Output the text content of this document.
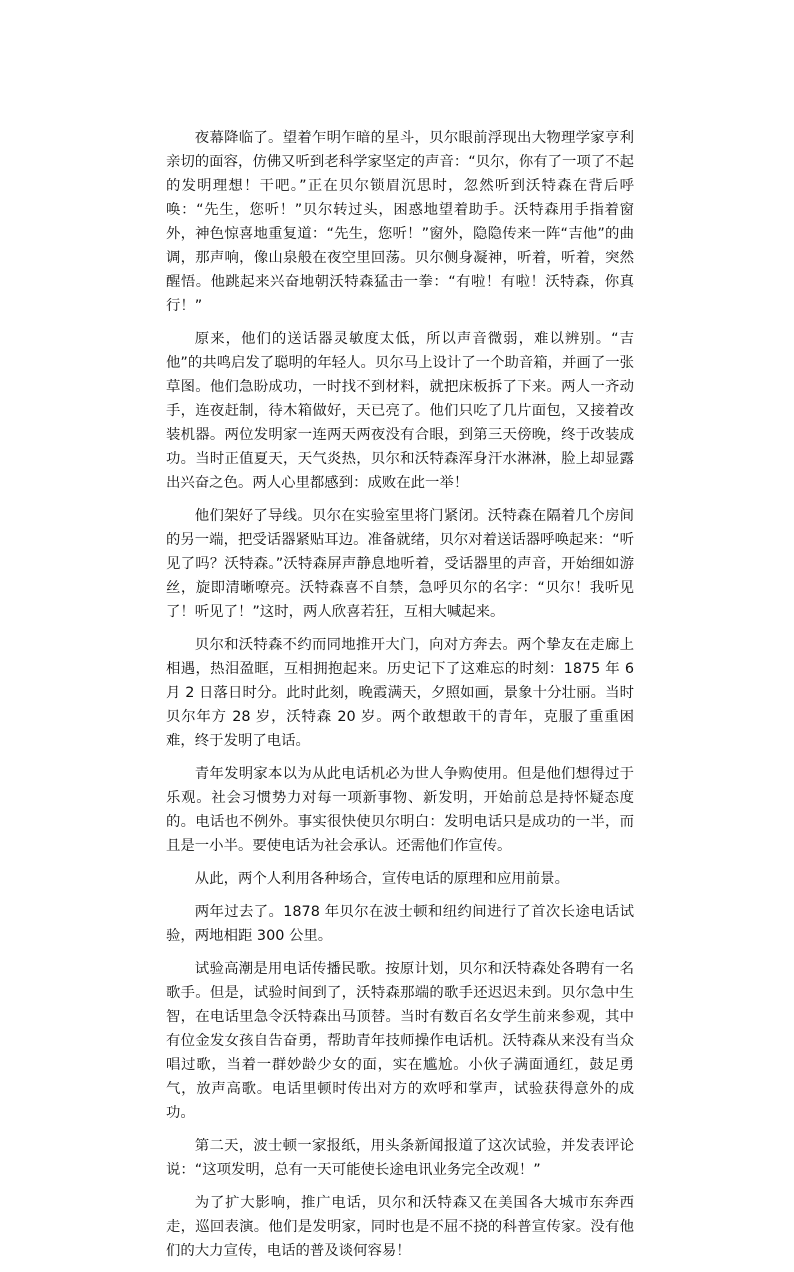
夜幕降临了。望着乍明乍暗的星斗，贝尔眼前浮现出大物理学家亨利亲切的面容，仿佛又听到老科学家坚定的声音：“贝尔，你有了一项了不起的发明理想！干吧。”正在贝尔锁眉沉思时，忽然听到沃特森在背后呼唤：“先生，您听！”贝尔转过头，困惑地望着助手。沃特森用手指着窗外，神色惊喜地重复道：“先生，您听！”窗外，隐隐传来一阵“吉他”的曲调，那声响，像山泉般在夜空里回荡。贝尔侧身凝神，听着，听着，突然醒悟。他跳起来兴奋地朝沃特森猛击一拳：“有啦！有啦！沃特森，你真行！”

原来，他们的送话器灵敏度太低，所以声音微弱，难以辨别。“吉他”的共鸣启发了聪明的年轻人。贝尔马上设计了一个助音箱，并画了一张草图。他们急盼成功，一时找不到材料，就把床板拆了下来。两人一齐动手，连夜赶制，待木箱做好，天已亮了。他们只吃了几片面包，又接着改装机器。两位发明家一连两天两夜没有合眼，到第三天傍晚，终于改装成功。当时正值夏天，天气炎热，贝尔和沃特森浑身汗水淋淋，脸上却显露出兴奋之色。两人心里都感到：成败在此一举！

他们架好了导线。贝尔在实验室里将门紧闭。沃特森在隔着几个房间的另一端，把受话器紧贴耳边。准备就绪，贝尔对着送话器呼唤起来：“听见了吗？沃特森。”沃特森屏声静息地听着，受话器里的声音，开始细如游丝，旋即清晰嘹亮。沃特森喜不自禁，急呼贝尔的名字：“贝尔！我听见了！听见了！”这时，两人欣喜若狂，互相大喊起来。

贝尔和沃特森不约而同地推开大门，向对方奔去。两个挚友在走廊上相遇，热泪盈眶，互相拥抱起来。历史记下了这难忘的时刻：1875 年 6 月 2 日落日时分。此时此刻，晚霞满天，夕照如画，景象十分壮丽。当时贝尔年方 28 岁，沃特森 20 岁。两个敢想敢干的青年，克服了重重困难，终于发明了电话。

青年发明家本以为从此电话机必为世人争购使用。但是他们想得过于乐观。社会习惯势力对每一项新事物、新发明，开始前总是持怀疑态度的。电话也不例外。事实很快使贝尔明白：发明电话只是成功的一半，而且是一小半。要使电话为社会承认。还需他们作宣传。

从此，两个人利用各种场合，宣传电话的原理和应用前景。

两年过去了。1878 年贝尔在波士顿和纽约间进行了首次长途电话试验，两地相距 300 公里。

试验高潮是用电话传播民歌。按原计划，贝尔和沃特森处各聘有一名歌手。但是，试验时间到了，沃特森那端的歌手还迟迟未到。贝尔急中生智，在电话里急令沃特森出马顶替。当时有数百名女学生前来参观，其中有位金发女孩自告奋勇，帮助青年技师操作电话机。沃特森从来没有当众唱过歌，当着一群妙龄少女的面，实在尴尬。小伙子满面通红，鼓足勇气，放声高歌。电话里顿时传出对方的欢呼和掌声，试验获得意外的成功。

第二天，波士顿一家报纸，用头条新闻报道了这次试验，并发表评论说：“这项发明，总有一天可能使长途电讯业务完全改观！”

为了扩大影响，推广电话，贝尔和沃特森又在美国各大城市东奔西走，巡回表演。他们是发明家，同时也是不屈不挠的科普宣传家。没有他们的大力宣传，电话的普及谈何容易！
